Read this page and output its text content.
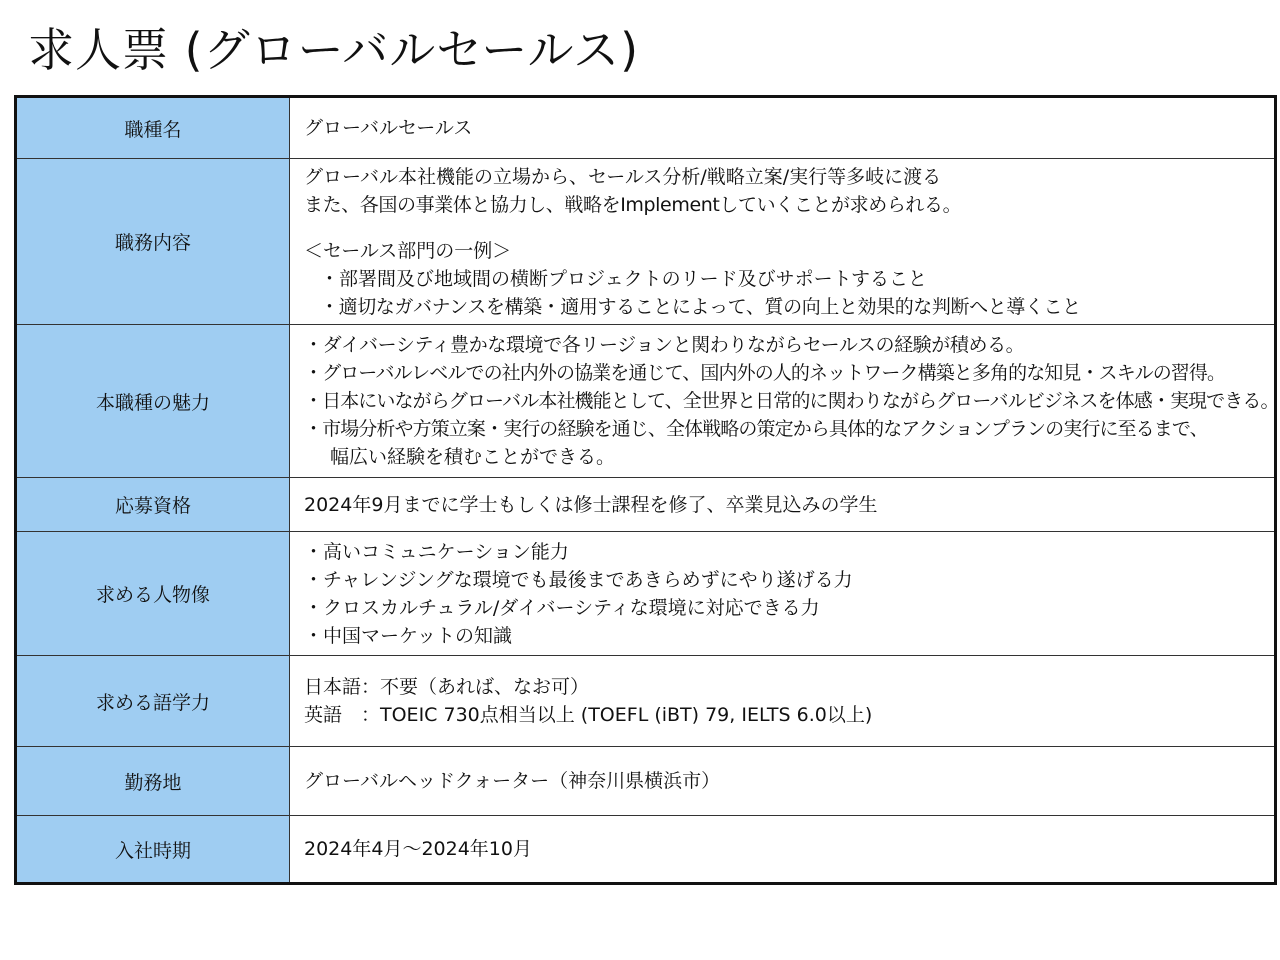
求人票 (グローバルセールス)
職種名	グローバルセールス

職務内容	グローバル本社機能の立場から、セールス分析/戦略立案/実行等多岐に渡る
また、各国の事業体と協力し、戦略をImplementしていくことが求められる。
＜セールス部門の一例＞
・部署間及び地域間の横断プロジェクトのリード及びサポートすること
・適切なガバナンスを構築・適用することによって、質の向上と効果的な判断へと導くこと

本職種の魅力	・ダイバーシティ豊かな環境で各リージョンと関わりながらセールスの経験が積める。
・グローバルレベルでの社内外の協業を通じて、国内外の人的ネットワーク構築と多角的な知見・スキルの習得。
・日本にいながらグローバル本社機能として、全世界と日常的に関わりながらグローバルビジネスを体感・実現できる。
・市場分析や方策立案・実行の経験を通じ、全体戦略の策定から具体的なアクションプランの実行に至るまで、
幅広い経験を積むことができる。

応募資格	2024年9月までに学士もしくは修士課程を修了、卒業見込みの学生

求める人物像	・高いコミュニケーション能力
・チャレンジングな環境でも最後まであきらめずにやり遂げる力
・クロスカルチュラル/ダイバーシティな環境に対応できる力
・中国マーケットの知識

求める語学力	日本語：不要（あれば、なお可）
英語　：TOEIC 730点相当以上 (TOEFL (iBT) 79, IELTS 6.0以上)

勤務地	グローバルヘッドクォーター（神奈川県横浜市）

入社時期	2024年4月～2024年10月
